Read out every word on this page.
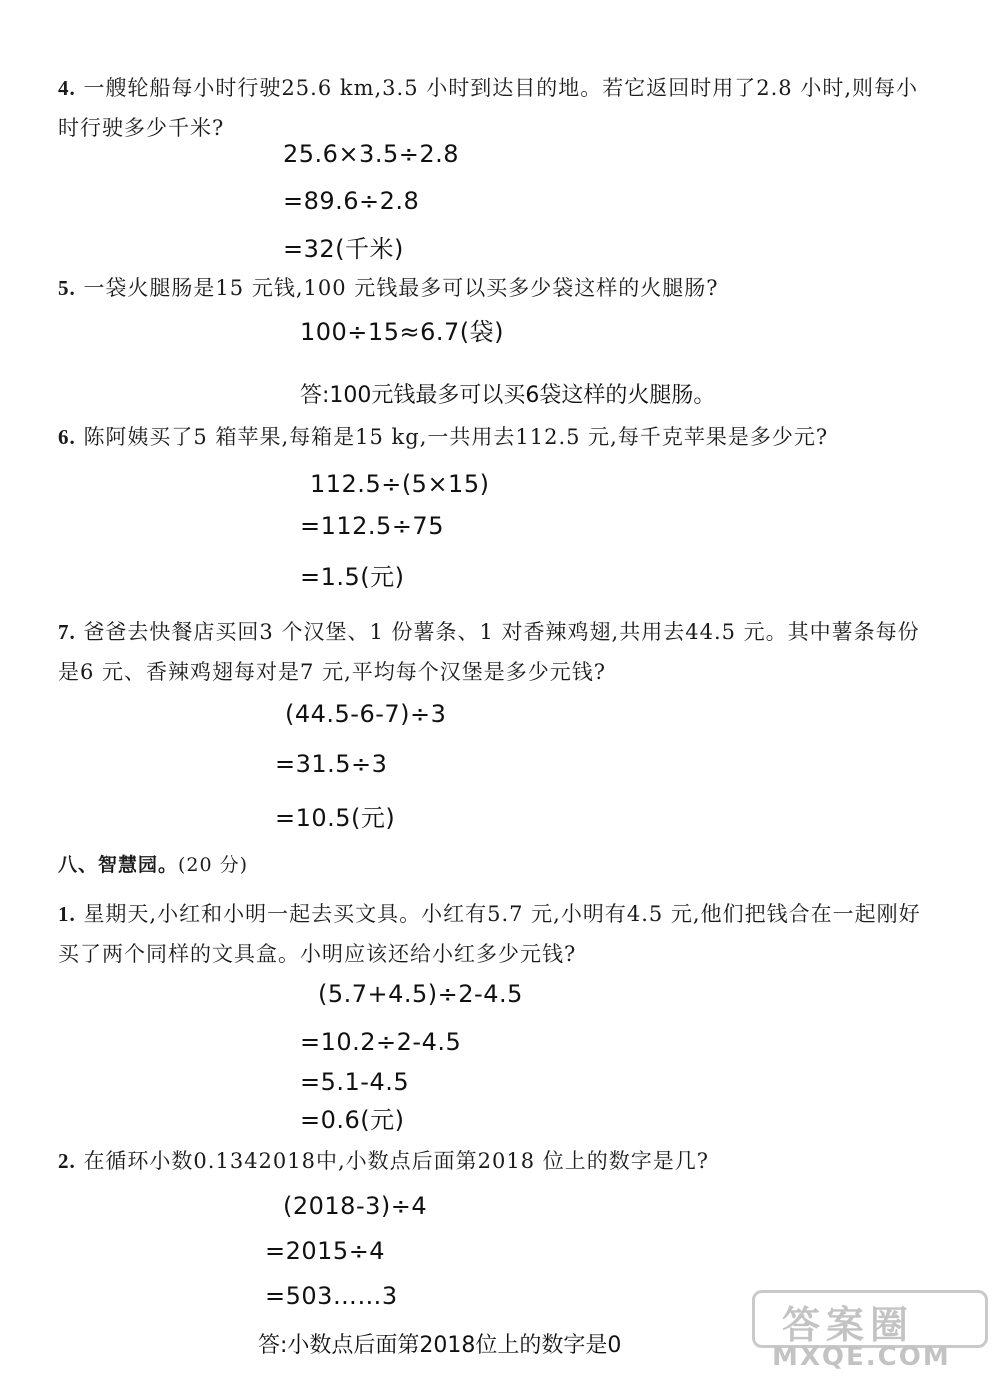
4. 一艘轮船每小时行驶25.6 km,3.5 小时到达目的地。若它返回时用了2.8 小时,则每小时行驶多少千米?
25.6×3.5÷2.8
=89.6÷2.8
=32(千米)
5. 一袋火腿肠是15 元钱,100 元钱最多可以买多少袋这样的火腿肠?
100÷15≈6.7(袋)
答:100元钱最多可以买6袋这样的火腿肠。
6. 陈阿姨买了5 箱苹果,每箱是15 kg,一共用去112.5 元,每千克苹果是多少元?
112.5÷(5×15)
=112.5÷75
=1.5(元)
7. 爸爸去快餐店买回3 个汉堡、1 份薯条、1 对香辣鸡翅,共用去44.5 元。其中薯条每份是6 元、香辣鸡翅每对是7 元,平均每个汉堡是多少元钱?
(44.5-6-7)÷3
=31.5÷3
=10.5(元)
八、智慧园。(20 分)
1. 星期天,小红和小明一起去买文具。小红有5.7 元,小明有4.5 元,他们把钱合在一起刚好买了两个同样的文具盒。小明应该还给小红多少元钱?
(5.7+4.5)÷2-4.5
=10.2÷2-4.5
=5.1-4.5
=0.6(元)
2. 在循环小数0.1342018中,小数点后面第2018 位上的数字是几?
(2018-3)÷4
=2015÷4
=503……3
答:小数点后面第2018位上的数字是0	答案圈
MXQE.COM
